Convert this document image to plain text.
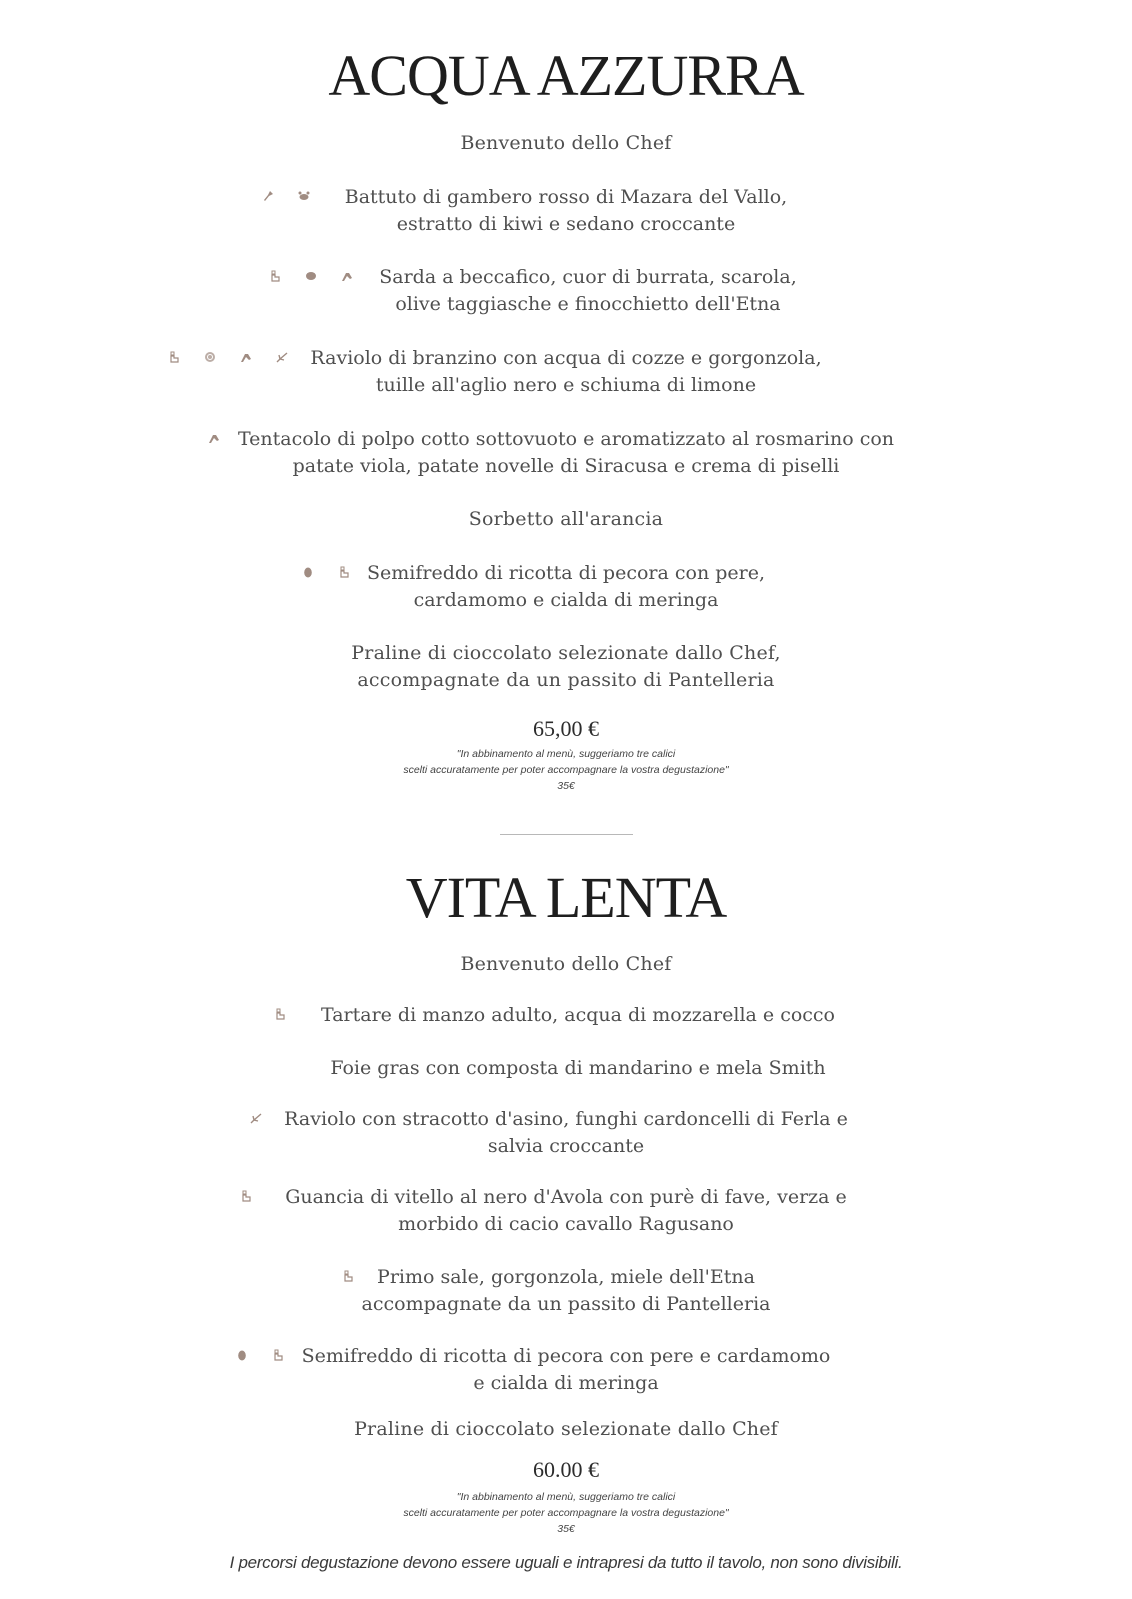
ACQUA AZZURRA
Benvenuto dello Chef
Battuto di gambero rosso di Mazara del Vallo,
estratto di kiwi e sedano croccante
Sarda a beccafico, cuor di burrata, scarola,
olive taggiasche e finocchietto dell'Etna
Raviolo di branzino con acqua di cozze e gorgonzola,
tuille all'aglio nero e schiuma di limone
Tentacolo di polpo cotto sottovuoto e aromatizzato al rosmarino con
patate viola, patate novelle di Siracusa e crema di piselli
Sorbetto all'arancia
Semifreddo di ricotta di pecora con pere,
cardamomo e cialda di meringa
Praline di cioccolato selezionate dallo Chef,
accompagnate da un passito di Pantelleria
65,00 €
"In abbinamento al menù, suggeriamo tre calici
scelti accuratamente per poter accompagnare la vostra degustazione"
35€
VITA LENTA
Benvenuto dello Chef
Tartare di manzo adulto, acqua di mozzarella e cocco
Foie gras con composta di mandarino e mela Smith
Raviolo con stracotto d'asino, funghi cardoncelli di Ferla e
salvia croccante
Guancia di vitello al nero d'Avola con purè di fave, verza e
morbido di cacio cavallo Ragusano
Primo sale, gorgonzola, miele dell'Etna
accompagnate da un passito di Pantelleria
Semifreddo di ricotta di pecora con pere e cardamomo
e cialda di meringa
Praline di cioccolato selezionate dallo Chef
60.00 €
"In abbinamento al menù, suggeriamo tre calici
scelti accuratamente per poter accompagnare la vostra degustazione"
35€
I percorsi degustazione devono essere uguali e intrapresi da tutto il tavolo, non sono divisibili.
